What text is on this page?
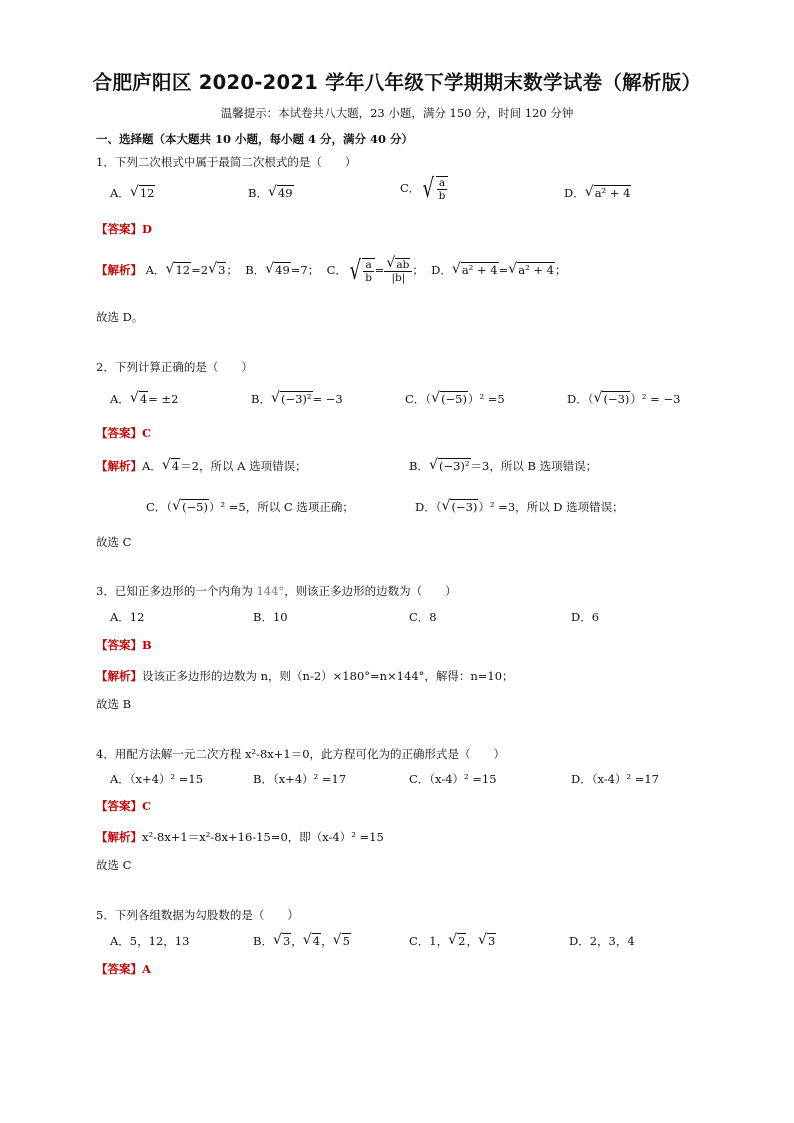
合肥庐阳区 2020-2021 学年八年级下学期期末数学试卷（解析版）
温馨提示：本试卷共八大题，23 小题，满分 150 分，时间 120 分钟
一、选择题（本大题共 10 小题，每小题 4 分，满分 40 分）
1．下列二次根式中属于最简二次根式的是（　　）
A． √ 12	B． √ 49	C． √ $\frac{a}{b}$	D． √ a² + 4
【答案】D
【解析】 A． √ 12=2 √ 3； B． √ 49=7； C． √ $\frac{a}{b}$ = √ $\frac{ab}{|b|}$ ； D． √ a² + 4= √ a² + 4；
故选 D。
2．下列计算正确的是（　　）
A． √ 4= ±2	B． √ (−3)²= −3	C．（ √ (−5)）² =5	D．（ √ (−3)）² = −3
【答案】C
【解析】A． √ 4＝2，所以 A 选项错误；	B． √ (−3)²＝3，所以 B 选项错误；
C．（ √ (−5)）² =5，所以 C 选项正确；	D．（ √ (−3)）² =3，所以 D 选项错误；
故选 C
3．已知正多边形的一个内角为 144°，则该正多边形的边数为（　　）
A．12	B．10	C．8	D．6
【答案】B
【解析】设该正多边形的边数为 n，则（n-2）×180°=n×144°，解得：n=10；
故选 B
4．用配方法解一元二次方程 x²-8x+1＝0，此方程可化为的正确形式是（　　）
A．（x+4）² =15	B．（x+4）² =17	C．（x-4）² =15	D．（x-4）² =17
【答案】C
【解析】x²-8x+1＝x²-8x+16-15=0，即（x-4）² =15
故选 C
5．下列各组数据为勾股数的是（　　）
A．5，12，13	B． √ 3， √ 4， √ 5	C．1， √ 2， √ 3	D．2，3，4
【答案】A
